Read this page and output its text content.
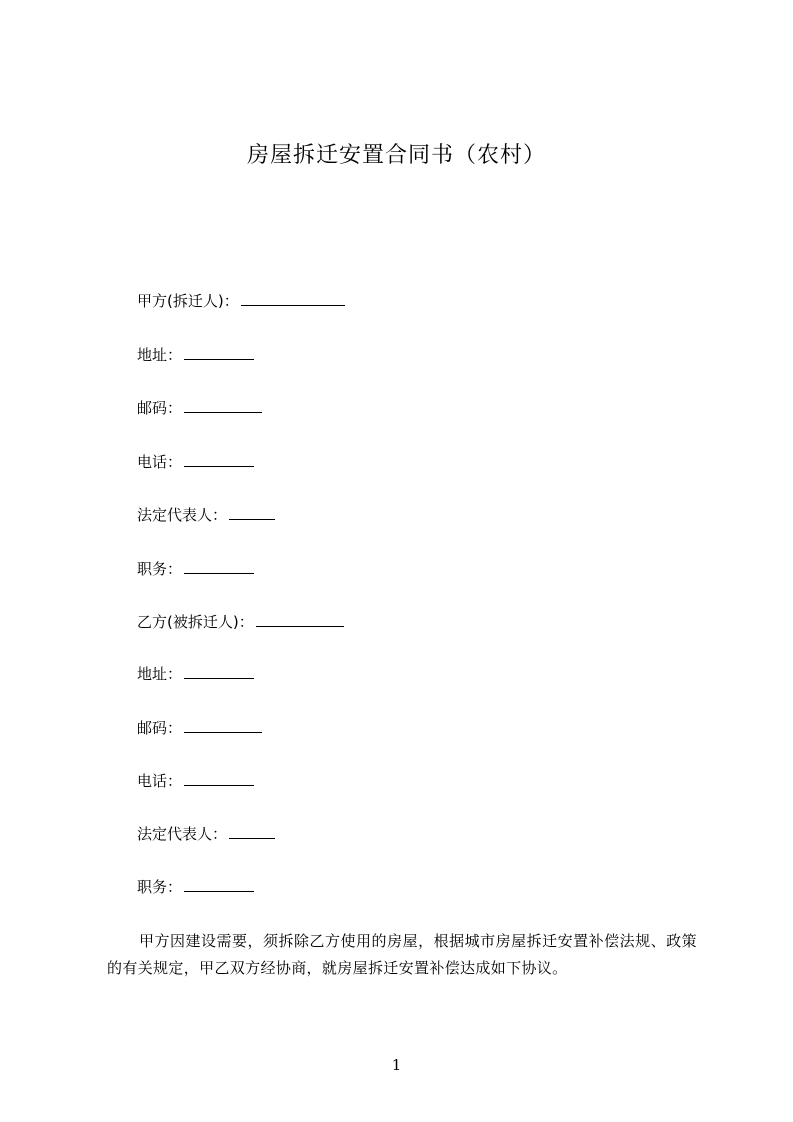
房屋拆迁安置合同书（农村）
甲方(拆迁人)：
地址：
邮码：
电话：
法定代表人：
职务：
乙方(被拆迁人)：
地址：
邮码：
电话：
法定代表人：
职务：
甲方因建设需要，须拆除乙方使用的房屋，根据城市房屋拆迁安置补偿法规、政策的有关规定，甲乙双方经协商，就房屋拆迁安置补偿达成如下协议。
1
